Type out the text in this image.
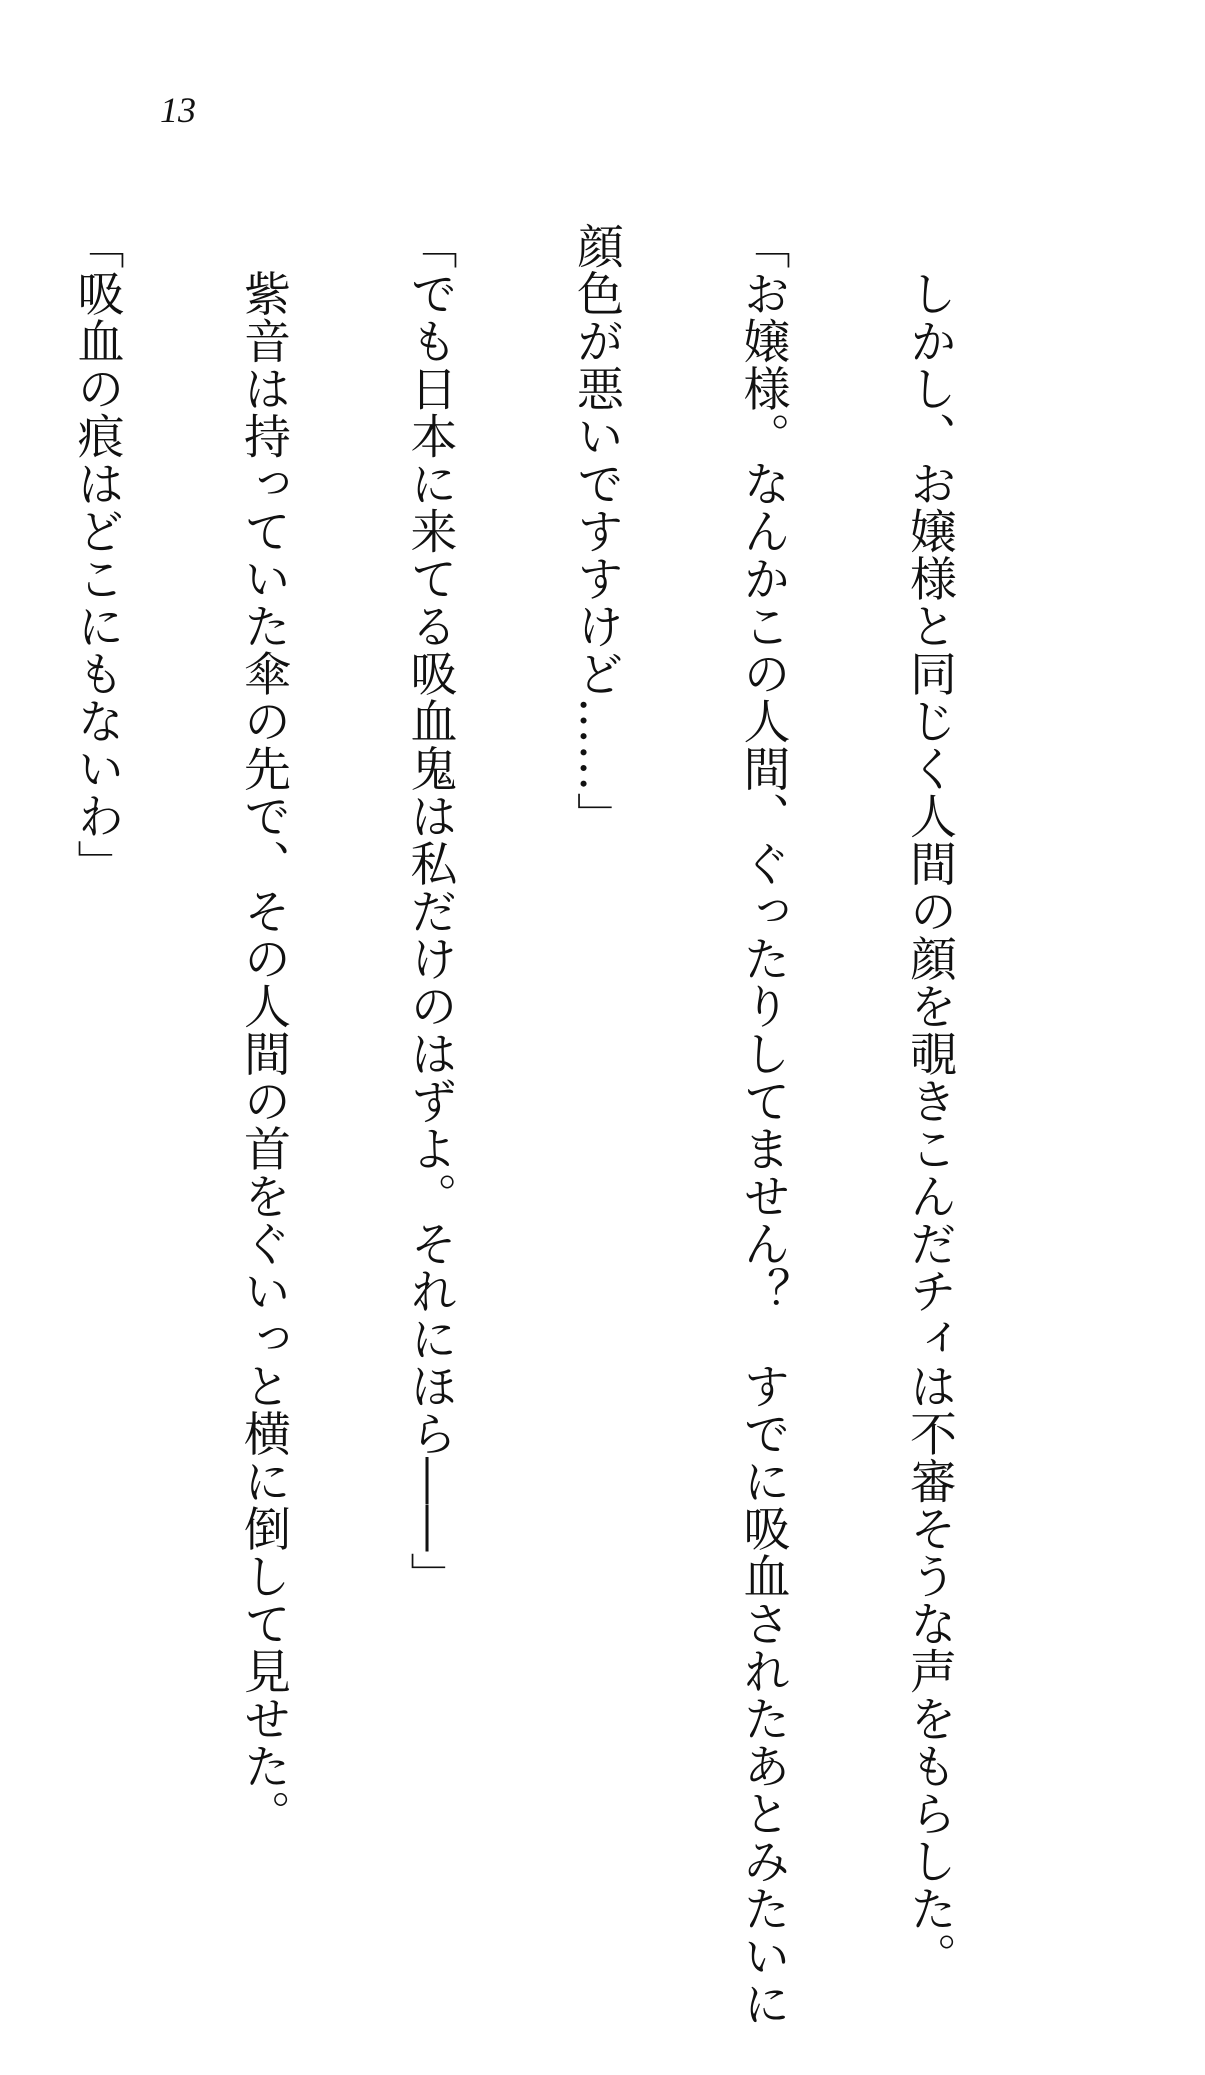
13

　しかし、お嬢様と同じく人間の顔を覗きこんだチィは不審そうな声をもらした。

「お嬢様。なんかこの人間、ぐったりしてません？　すでに吸血されたあとみたいに

顔色が悪いですすけど……」

「でも日本に来てる吸血鬼は私だけのはずよ。それにほら――」

　紫音は持っていた傘の先で、その人間の首をぐいっと横に倒して見せた。

「吸血の痕はどこにもないわ」
